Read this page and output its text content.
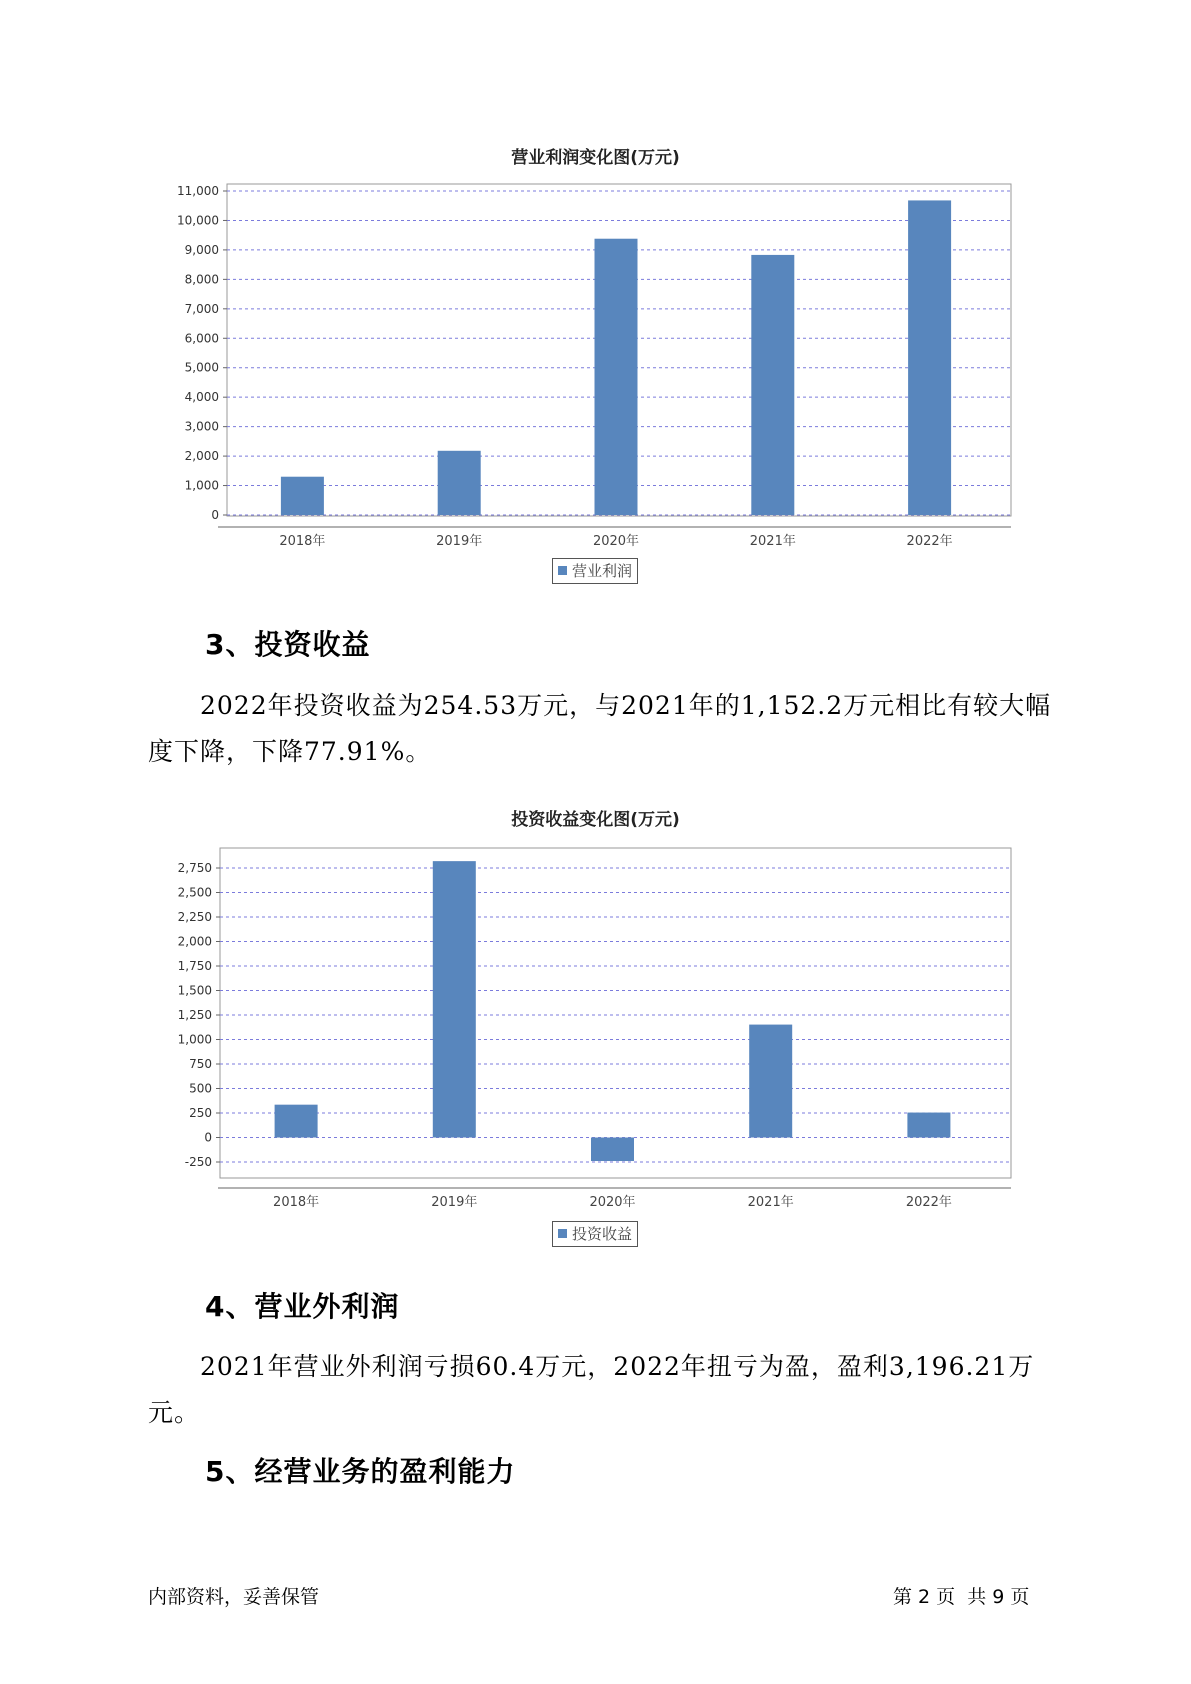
营业利润变化图(万元)
0
1,000
2,000
3,000
4,000
5,000
6,000
7,000
8,000
9,000
10,000
11,000
2018年	2019年	2020年	2021年	2022年
营业利润
3、投资收益

2022年投资收益为254.53万元，与2021年的1,152.2万元相比有较大幅度下降，下降77.91%。

投资收益变化图(万元)
-250
0
250
500
750
1,000
1,250
1,500
1,750
2,000
2,250
2,500
2,750
2018年	2019年	2020年	2021年	2022年
投资收益
4、营业外利润

2021年营业外利润亏损60.4万元，2022年扭亏为盈，盈利3,196.21万元。

5、经营业务的盈利能力
内部资料，妥善保管	第 2 页  共 9 页
